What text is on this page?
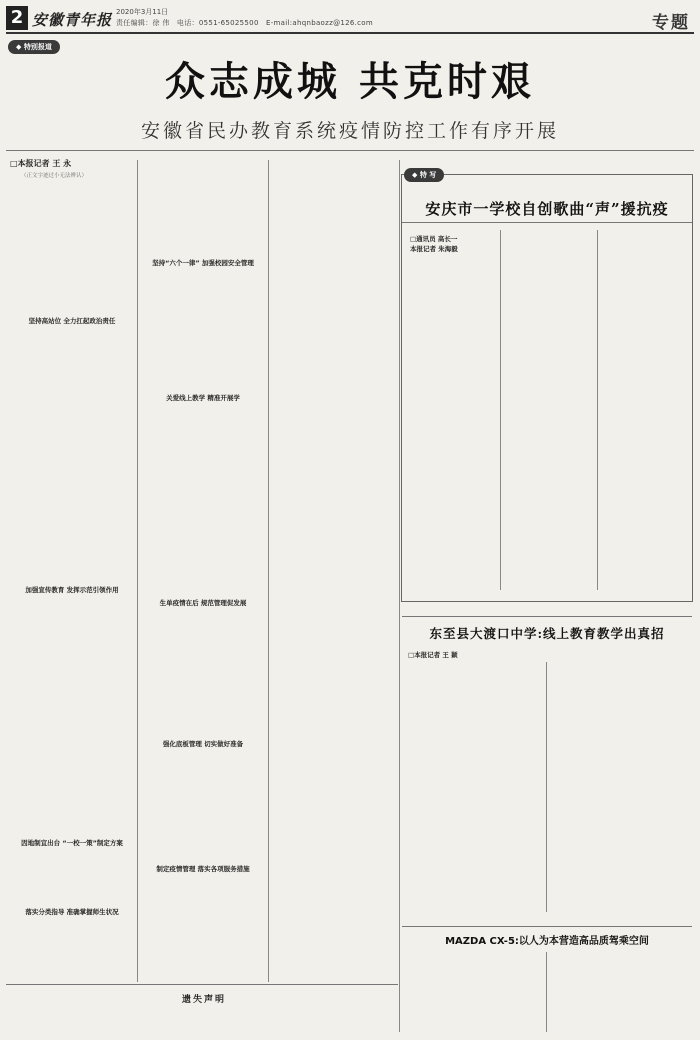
2 安徽青年报 2020年3月11日
责任编辑：徐 伟　电话：0551-65025500　E-mail:ahqnbaozz@126.com	专题
◆ 特别报道
众志成城 共克时艰
安徽省民办教育系统疫情防控工作有序开展
□本报记者 王 永

（正文字迹过小无法辨认）

坚持高站位 全力扛起政治责任
加强宣传教育 发挥示范引领作用
因地制宜出台 “一校一策”制定方案
落实分类指导 准确掌握师生状况
坚持“六个一律” 加强校园安全管理
关爱线上教学 精准开展学
生单疫情在后 规范管理促发展
强化底板管理 切实做好准备
制定疫情管理 落实各项服务措施
◆ 特 写
安庆市一学校自创歌曲“声”援抗疫
□通讯员 高长一
本报记者 朱海毅
东至县大渡口中学:线上教育教学出真招
□本报记者 王 颖
MAZDA CX-5:以人为本营造高品质驾乘空间
遗失声明
